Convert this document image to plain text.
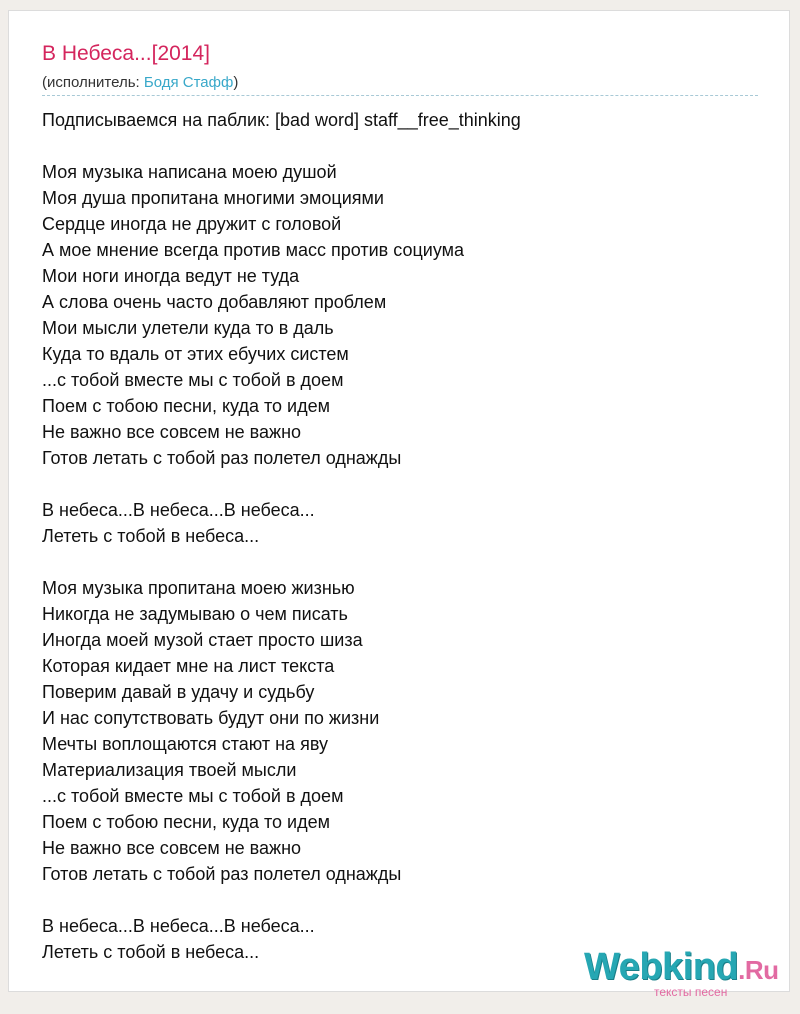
В Небеса...[2014]
(исполнитель: Бодя Стафф)
Подписываемся на паблик: [bad word] staff__free_thinking

Моя музыка написана моею душой
Моя душа пропитана многими эмоциями
Сердце иногда не дружит с головой
А мое мнение всегда против масс против социума
Мои ноги иногда ведут не туда
А слова очень часто добавляют проблем
Мои мысли улетели куда то в даль
Куда то вдаль от этих ебучих систем
...с тобой вместе мы с тобой в доем
Поем с тобою песни, куда то идем
Не важно все совсем не важно
Готов летать с тобой раз полетел однажды

В небеса...В небеса...В небеса...
Лететь с тобой в небеса...

Моя музыка пропитана моею жизнью
Никогда не задумываю о чем писать
Иногда моей музой стает просто шиза
Которая кидает мне на лист текста
Поверим давай в удачу и судьбу
И нас сопутствовать будут они по жизни
Мечты воплощаются стают на яву
Материализация твоей мысли
...с тобой вместе мы с тобой в доем
Поем с тобою песни, куда то идем
Не важно все совсем не важно
Готов летать с тобой раз полетел однажды

В небеса...В небеса...В небеса...
Лететь с тобой в небеса...	Webkind.Ru
тексты песен
